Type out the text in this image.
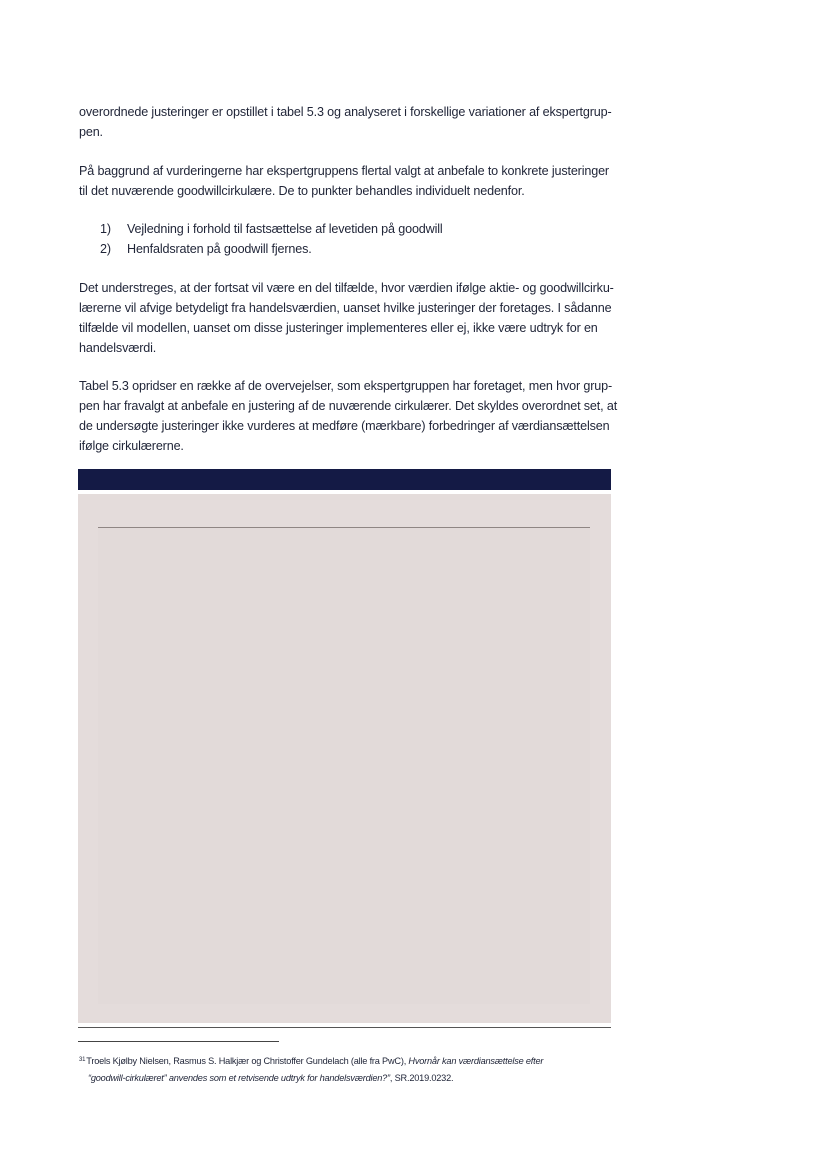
overordnede justeringer er opstillet i tabel 5.3 og analyseret i forskellige variationer af ekspertgrup-
pen.

På baggrund af vurderingerne har ekspertgruppens flertal valgt at anbefale to konkrete justeringer
til det nuværende goodwillcirkulære. De to punkter behandles individuelt nedenfor.

1) Vejledning i forhold til fastsættelse af levetiden på goodwill
2) Henfaldsraten på goodwill fjernes.

Det understreges, at der fortsat vil være en del tilfælde, hvor værdien ifølge aktie- og goodwillcirku-
lærerne vil afvige betydeligt fra handelsværdien, uanset hvilke justeringer der foretages. I sådanne
tilfælde vil modellen, uanset om disse justeringer implementeres eller ej, ikke være udtryk for en
handelsværdi.

Tabel 5.3 opridser en række af de overvejelser, som ekspertgruppen har foretaget, men hvor grup-
pen har fravalgt at anbefale en justering af de nuværende cirkulærer. Det skyldes overordnet set, at
de undersøgte justeringer ikke vurderes at medføre (mærkbare) forbedringer af værdiansættelsen
ifølge cirkulærerne.

$^{31}$Troels Kjølby Nielsen, Rasmus S. Halkjær og Christoffer Gundelach (alle fra PwC), Hvornår kan værdiansættelse efter
“goodwill-cirkulæret” anvendes som et retvisende udtryk for handelsværdien?”, SR.2019.0232.
